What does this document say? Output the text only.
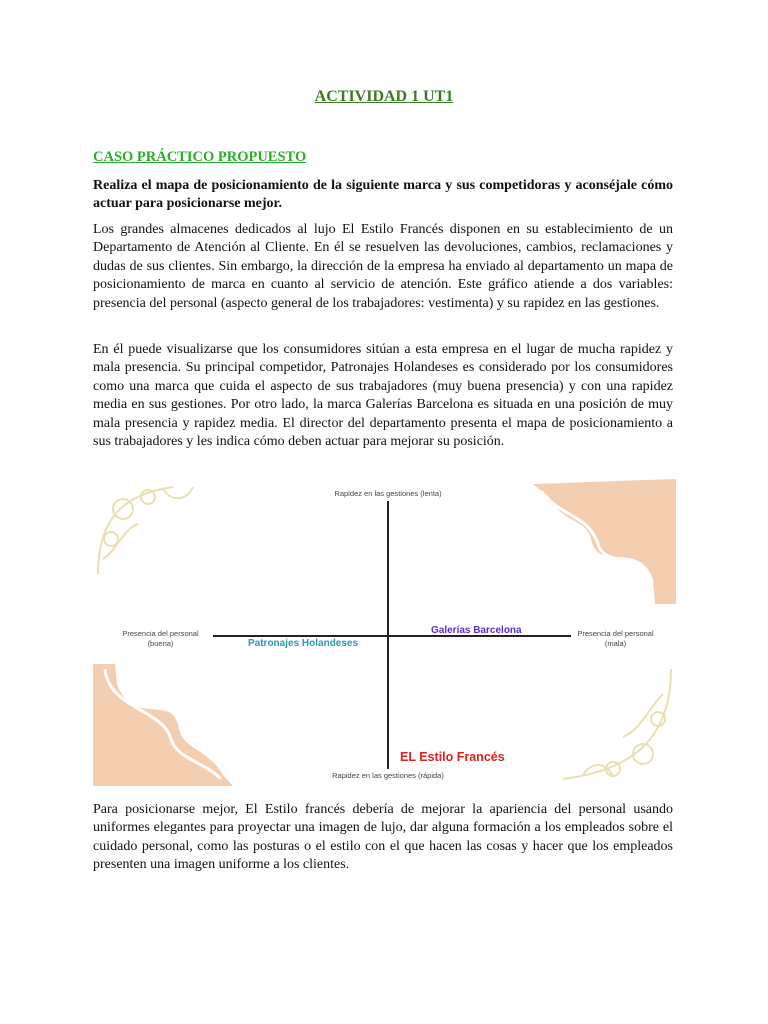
ACTIVIDAD 1 UT1
CASO PRÁCTICO PROPUESTO

Realiza el mapa de posicionamiento de la siguiente marca y sus competidoras y aconséjale cómo actuar para posicionarse mejor.

Los grandes almacenes dedicados al lujo El Estilo Francés disponen en su establecimiento de un Departamento de Atención al Cliente. En él se resuelven las devoluciones, cambios, reclamaciones y dudas de sus clientes. Sin embargo, la dirección de la empresa ha enviado al departamento un mapa de posicionamiento de marca en cuanto al servicio de atención. Este gráfico atiende a dos variables: presencia del personal (aspecto general de los trabajadores: vestimenta) y su rapidez en las gestiones.

En él puede visualizarse que los consumidores sitúan a esta empresa en el lugar de mucha rapidez y mala presencia. Su principal competidor, Patronajes Holandeses es considerado por los consumidores como una marca que cuida el aspecto de sus trabajadores (muy buena presencia) y con una rapidez media en sus gestiones. Por otro lado, la marca Galerías Barcelona es situada en una posición de muy mala presencia y rapidez media. El director del departamento presenta el mapa de posicionamiento a sus trabajadores y les indica cómo deben actuar para mejorar su posición.

Rapidez en las gestiones (lenta)
Rapidez en las gestiones (rápida)
Presencia del personal
(buena)
Presencia del personal
(mala)
Patronajes Holandeses
Galerías Barcelona
EL Estilo Francés

Para posicionarse mejor, El Estilo francés debería de mejorar la apariencia del personal usando uniformes elegantes para proyectar una imagen de lujo, dar alguna formación a los empleados sobre el cuidado personal, como las posturas o el estilo con el que hacen las cosas y hacer que los empleados presenten una imagen uniforme a los clientes.
